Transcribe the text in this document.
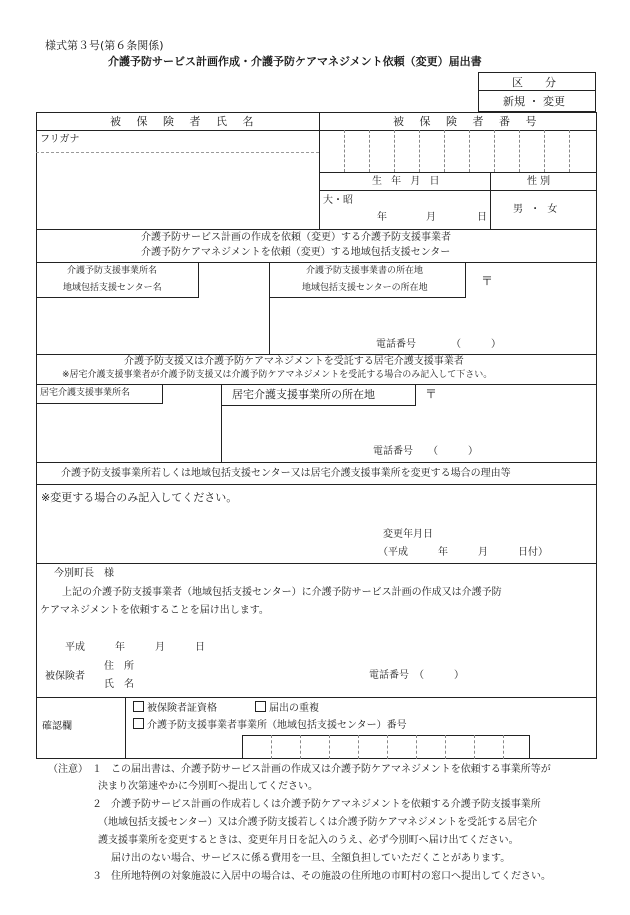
様式第３号(第６条関係)
介護予防サービス計画作成・介護予防ケアマネジメント依頼（変更）届出書
区　　分
新規 ・ 変更
被 保 険 者 氏 名	被 保 険 者 番 号
フリガナ
生 年 月 日	性 別
大・昭
年	月	日
男 ・ 女
介護予防サービス計画の作成を依頼（変更）する介護予防支援事業者
介護予防ケアマネジメントを依頼（変更）する地域包括支援センター
介護予防支援事業所名
地域包括支援センター名
介護予防支援事業書の所在地
地域包括支援センターの所在地	〒
電話番号　　　　（　　　）
介護予防支援又は介護予防ケアマネジメントを受託する居宅介護支援事業者
※居宅介護支援事業者が介護予防支援又は介護予防ケアマネジメントを受託する場合のみ記入して下さい。
居宅介護支援事業所名	居宅介護支援事業所の所在地	〒
電話番号　　（　　　）
介護予防支援事業所若しくは地域包括支援センター又は居宅介護支援事業所を変更する場合の理由等
※変更する場合のみ記入してください。
変更年月日
（平成　　　年　　　月　　　日付）
今別町長　様
上記の介護予防支援事業者（地域包括支援センター）に介護予防サービス計画の作成又は介護予防
ケアマネジメントを依頼することを届け出します。
平成　　　年　　　月　　　日
被保険者
住　所
氏　名
電話番号　（　　　）
確認欄
被保険者証資格	届出の重複
介護予防支援事業者事業所（地域包括支援センター）番号
（注意） １ この届出書は、介護予防サービス計画の作成又は介護予防ケアマネジメントを依頼する事業所等が
決まり次第速やかに今別町へ提出してください。
２ 介護予防サービス計画の作成若しくは介護予防ケアマネジメントを依頼する介護予防支援事業所
（地域包括支援センター）又は介護予防支援若しくは介護予防ケアマネジメントを受託する居宅介
護支援事業所を変更するときは、変更年月日を記入のうえ、必ず今別町へ届け出てください。
届け出のない場合、サービスに係る費用を一旦、全額負担していただくことがあります。
３ 住所地特例の対象施設に入居中の場合は、その施設の住所地の市町村の窓口へ提出してください。
